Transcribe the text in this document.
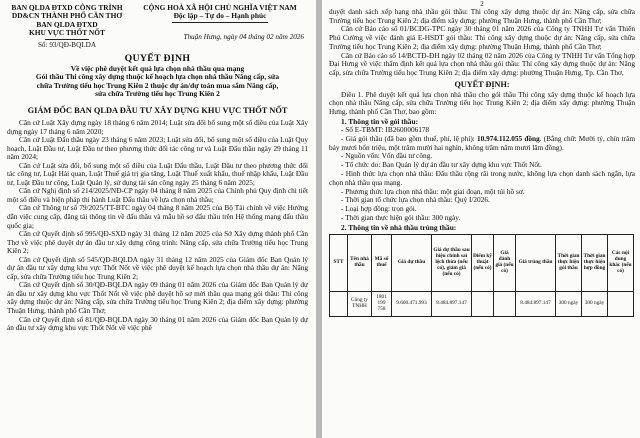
BAN QLDA ĐTXD CÔNG TRÌNH
DD&CN THÀNH PHỐ CẦN THƠ
BAN QLDA ĐTXD
KHU VỰC THỐT NỐT
Số: 93/QĐ-BQLDA
CỘNG HOÀ XÃ HỘI CHỦ NGHĨA VIỆT NAM
Độc lập – Tự do – Hạnh phúc
Thuận Hưng, ngày 04 tháng 02 năm 2026
QUYẾT ĐỊNH
Về việc phê duyệt kết quả lựa chọn nhà thầu qua mạng
Gói thầu Thi công xây dựng thuộc kế hoạch lựa chọn nhà thầu Nâng cấp, sửa
chữa Trường tiểu học Trung Kiên 2 thuộc dự án/dự toán mua sắm Nâng cấp,
sửa chữa Trường tiểu học Trung Kiên 2
GIÁM ĐỐC BAN QLDA ĐẦU TƯ XÂY DỰNG KHU VỰC THỐT NỐT

Căn cứ Luật Xây dựng ngày 18 tháng 6 năm 2014; Luật sửa đổi bổ sung một số điều của Luật Xây dựng ngày 17 tháng 6 năm 2020;

Căn cứ Luật Đấu thầu ngày 23 tháng 6 năm 2023; Luật sửa đổi, bổ sung một số điều của Luật Quy hoạch, Luật Đầu tư, Luật Đầu tư theo phương thức đối tác công tư và Luật Đấu thầu ngày 29 tháng 11 năm 2024;

Căn cứ Luật sửa đổi, bổ sung một số điều của Luật Đấu thầu, Luật Đầu tư theo phương thức đối tác công tư, Luật Hải quan, Luật Thuế giá trị gia tăng, Luật Thuế xuất khẩu, thuế nhập khẩu, Luật Đầu tư, Luật Đầu tư công, Luật Quản lý, sử dụng tài sản công ngày 25 tháng 6 năm 2025;

Căn cứ Nghị định số 214/2025/NĐ-CP ngày 04 tháng 8 năm 2025 của Chính phủ Quy định chi tiết một số điều và biện pháp thi hành Luật Đấu thầu về lựa chọn nhà thầu;

Căn cứ Thông tư số 79/2025/TT-BTC ngày 04 tháng 8 năm 2025 của Bộ Tài chính về việc Hướng dẫn việc cung cấp, đăng tải thông tin về đấu thầu và mẫu hồ sơ đấu thầu trên Hệ thống mạng đấu thầu quốc gia;

Căn cứ Quyết định số 995/QĐ-SXD ngày 31 tháng 12 năm 2025 của Sở Xây dựng thành phố Cần Thơ về việc phê duyệt dự án đầu tư xây dựng công trình: Nâng cấp, sửa chữa Trường tiểu học Trung Kiên 2;

Căn cứ Quyết định số 545/QĐ-BQLDA ngày 31 tháng 12 năm 2025 của Giám đốc Ban Quản lý dự án đầu tư xây dựng khu vực Thốt Nốt về việc phê duyệt kế hoạch lựa chọn nhà thầu dự án: Nâng cấp, sửa chữa Trường tiểu học Trung Kiên 2;

Căn cứ Quyết định số 30/QĐ-BQLDA ngày 09 tháng 01 năm 2026 của Giám đốc Ban Quản lý dự án đầu tư xây dựng khu vực Thốt Nốt về việc phê duyệt hồ sơ mời thầu qua mạng gói thầu: Thi công xây dựng thuộc dự án: Nâng cấp, sửa chữa Trường tiểu học Trung Kiên 2; địa điểm xây dựng: phường Thuận Hưng, thành phố Cần Thơ;

Căn cứ Quyết định số 81/QĐ-BQLDA ngày 30 tháng 01 năm 2026 của Giám đốc Ban Quản lý dự án đầu tư xây dựng khu vực Thốt Nốt về việc phê

2

duyệt danh sách xếp hạng nhà thầu gói thầu: Thi công xây dựng thuộc dự án: Nâng cấp, sửa chữa Trường tiểu học Trung Kiên 2; địa điểm xây dựng: phường Thuận Hưng, thành phố Cần Thơ;

Căn cứ Báo cáo số 01/BCĐG-TPC ngày 30 tháng 01 năm 2026 của Công ty TNHH Tư vấn Thiên Phú Cường về việc đánh giá E-HSDT gói thầu: Thi công xây dựng thuộc dự án: Nâng cấp, sửa chữa Trường tiểu học Trung Kiên 2; địa điểm xây dựng: phường Thuận Hưng, thành phố Cần Thơ;

Căn cứ Báo cáo số 14/BCTĐ-ĐH ngày 02 tháng 02 năm 2026 của Công ty TNHH Tư vấn Tổng hợp Đại Hưng về việc thẩm định kết quả lựa chọn nhà thầu gói thầu: Thi công xây dựng thuộc dự án: Nâng cấp, sửa chữa Trường tiểu học Trung Kiên 2; địa điểm xây dựng: phường Thuận Hưng, Tp. Cần Thơ,

QUYẾT ĐỊNH:

Điều 1. Phê duyệt kết quả lựa chọn nhà thầu cho gói thầu Thi công xây dựng thuộc kế hoạch lựa chọn nhà thầu Nâng cấp, sửa chữa Trường tiểu học Trung Kiên 2; địa điểm xây dựng: phường Thuận Hưng, thành phố Cần Thơ, bao gồm:

1. Thông tin về gói thầu:

- Số E-TBMT: IB2600006178

- Giá gói thầu (đã bao gồm thuế, phí, lệ phí): 10.974.112.055 đồng. (Bằng chữ: Mười tỷ, chín trăm bảy mươi bốn triệu, một trăm mười hai nghìn, không trăm năm mươi lăm đồng).

- Nguồn vốn: Vốn đầu tư công.

- Tổ chức do: Ban Quản lý dự án đầu tư xây dựng khu vực Thốt Nốt.

- Hình thức lựa chọn nhà thầu: Đấu thầu rộng rãi trong nước, không lựa chọn danh sách ngắn, lựa chọn nhà thầu qua mạng.

- Phương thức lựa chọn nhà thầu: một giai đoạn, một túi hồ sơ.

- Thời gian tổ chức lựa chọn nhà thầu: Quý I/2026.

- Loại hợp đồng: trọn gói.

- Thời gian thực hiện gói thầu: 300 ngày.

2. Thông tin về nhà thầu trúng thầu:
STT	Tên nhà thầu	Mã số thuế	Giá dự thầu	Giá dự thầu sau hiệu chỉnh sai lệch thừa (nếu có), giảm giá (nếu có)	Điểm kỹ thuật (nếu có)	Giá đánh giá (nếu có)	Giá trúng thầu	Thời gian thực hiện gói thầu	Thời gian thực hiện hợp đồng	Các nội dung khác (nếu có)
	Công ty TNHH	1801 199 758	9.600.471.993	8.484.897.147			8.484.897.147	300 ngày	300 ngày	
